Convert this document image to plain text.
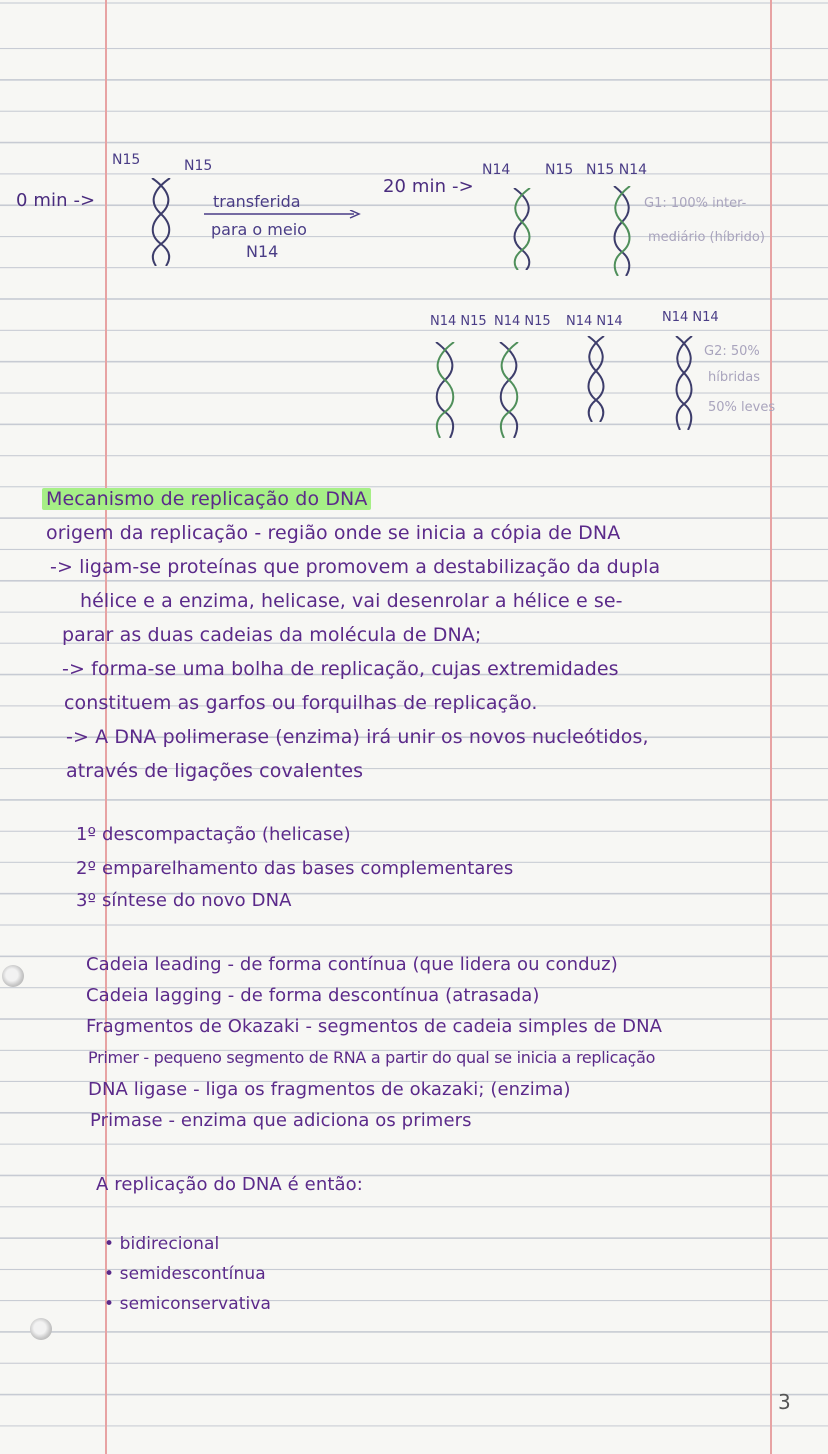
0 min ->
N15	N15
transferida
para o meio
N14
20 min ->
N14 N15 N15 N14
G1: 100% inter-
mediário (híbrido)
N14 N15 N14 N15 N14 N14	N14 N14
G2: 50%
híbridas
50% leves
Mecanismo de replicação do DNA
origem da replicação - região onde se inicia a cópia de DNA
-> ligam-se proteínas que promovem a destabilização da dupla
hélice e a enzima, helicase, vai desenrolar a hélice e se-
parar as duas cadeias da molécula de DNA;
-> forma-se uma bolha de replicação, cujas extremidades
constituem as garfos ou forquilhas de replicação.
-> A DNA polimerase (enzima) irá unir os novos nucleótidos,
através de ligações covalentes
1º descompactação (helicase)
2º emparelhamento das bases complementares
3º síntese do novo DNA
Cadeia leading - de forma contínua (que lidera ou conduz)
Cadeia lagging - de forma descontínua (atrasada)
Fragmentos de Okazaki - segmentos de cadeia simples de DNA
Primer - pequeno segmento de RNA a partir do qual se inicia a replicação
DNA ligase - liga os fragmentos de okazaki; (enzima)
Primase - enzima que adiciona os primers
A replicação do DNA é então:
• bidirecional
• semidescontínua
• semiconservativa
3
